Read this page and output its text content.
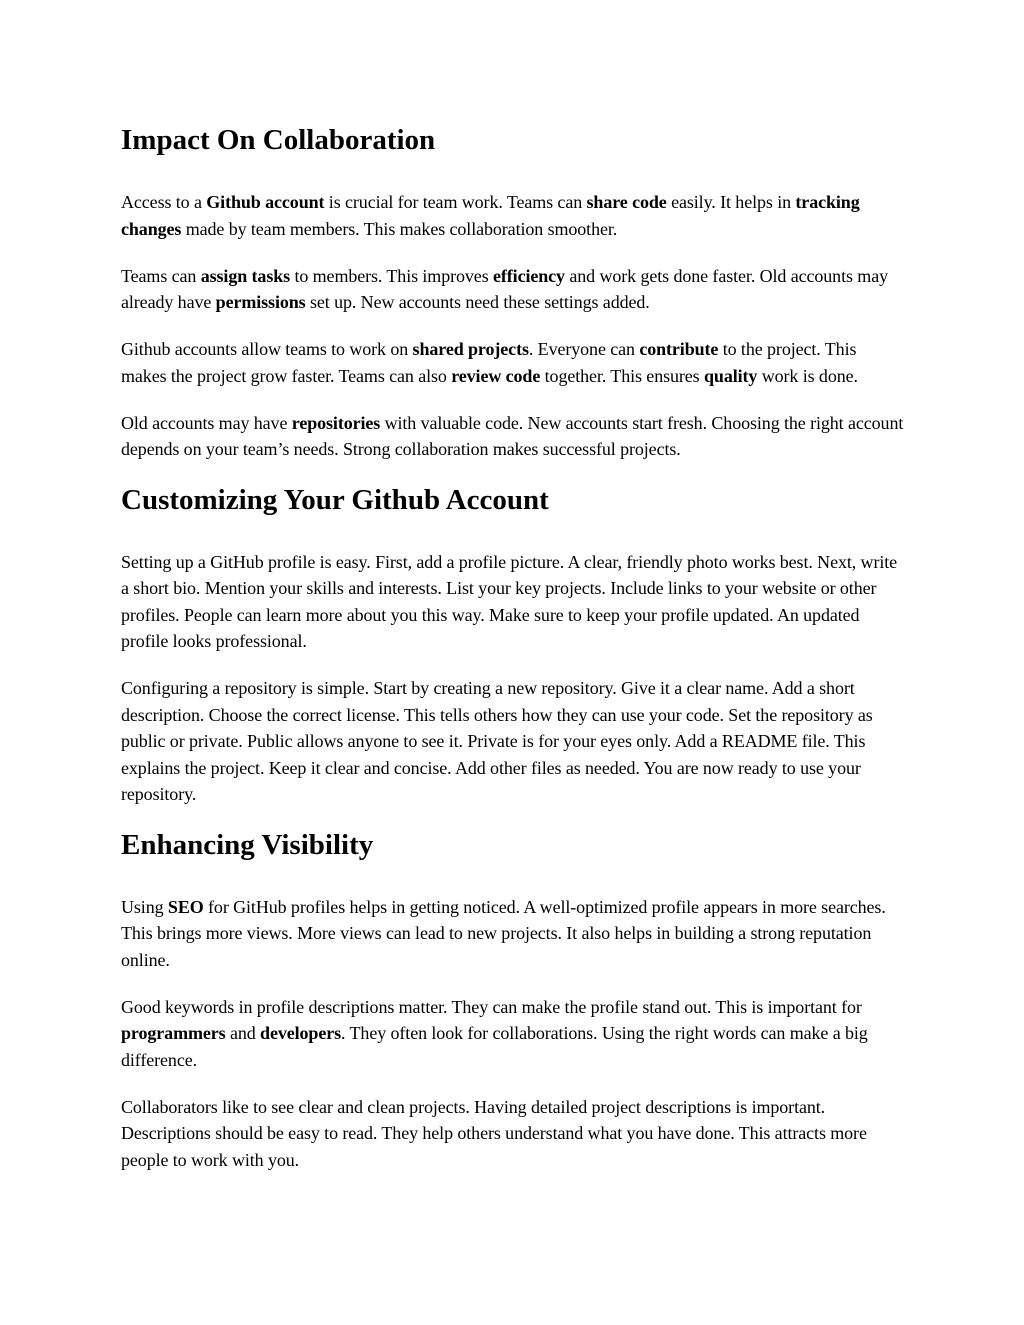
Impact On Collaboration

Access to a Github account is crucial for team work. Teams can share code easily. It helps in tracking changes made by team members. This makes collaboration smoother.

Teams can assign tasks to members. This improves efficiency and work gets done faster. Old accounts may already have permissions set up. New accounts need these settings added.

Github accounts allow teams to work on shared projects. Everyone can contribute to the project. This makes the project grow faster. Teams can also review code together. This ensures quality work is done.

Old accounts may have repositories with valuable code. New accounts start fresh. Choosing the right account depends on your team’s needs. Strong collaboration makes successful projects.

Customizing Your Github Account

Setting up a GitHub profile is easy. First, add a profile picture. A clear, friendly photo works best. Next, write a short bio. Mention your skills and interests. List your key projects. Include links to your website or other profiles. People can learn more about you this way. Make sure to keep your profile updated. An updated profile looks professional.

Configuring a repository is simple. Start by creating a new repository. Give it a clear name. Add a short description. Choose the correct license. This tells others how they can use your code. Set the repository as public or private. Public allows anyone to see it. Private is for your eyes only. Add a README file. This explains the project. Keep it clear and concise. Add other files as needed. You are now ready to use your repository.

Enhancing Visibility

Using SEO for GitHub profiles helps in getting noticed. A well-optimized profile appears in more searches. This brings more views. More views can lead to new projects. It also helps in building a strong reputation online.

Good keywords in profile descriptions matter. They can make the profile stand out. This is important for programmers and developers. They often look for collaborations. Using the right words can make a big difference.

Collaborators like to see clear and clean projects. Having detailed project descriptions is important. Descriptions should be easy to read. They help others understand what you have done. This attracts more people to work with you.
